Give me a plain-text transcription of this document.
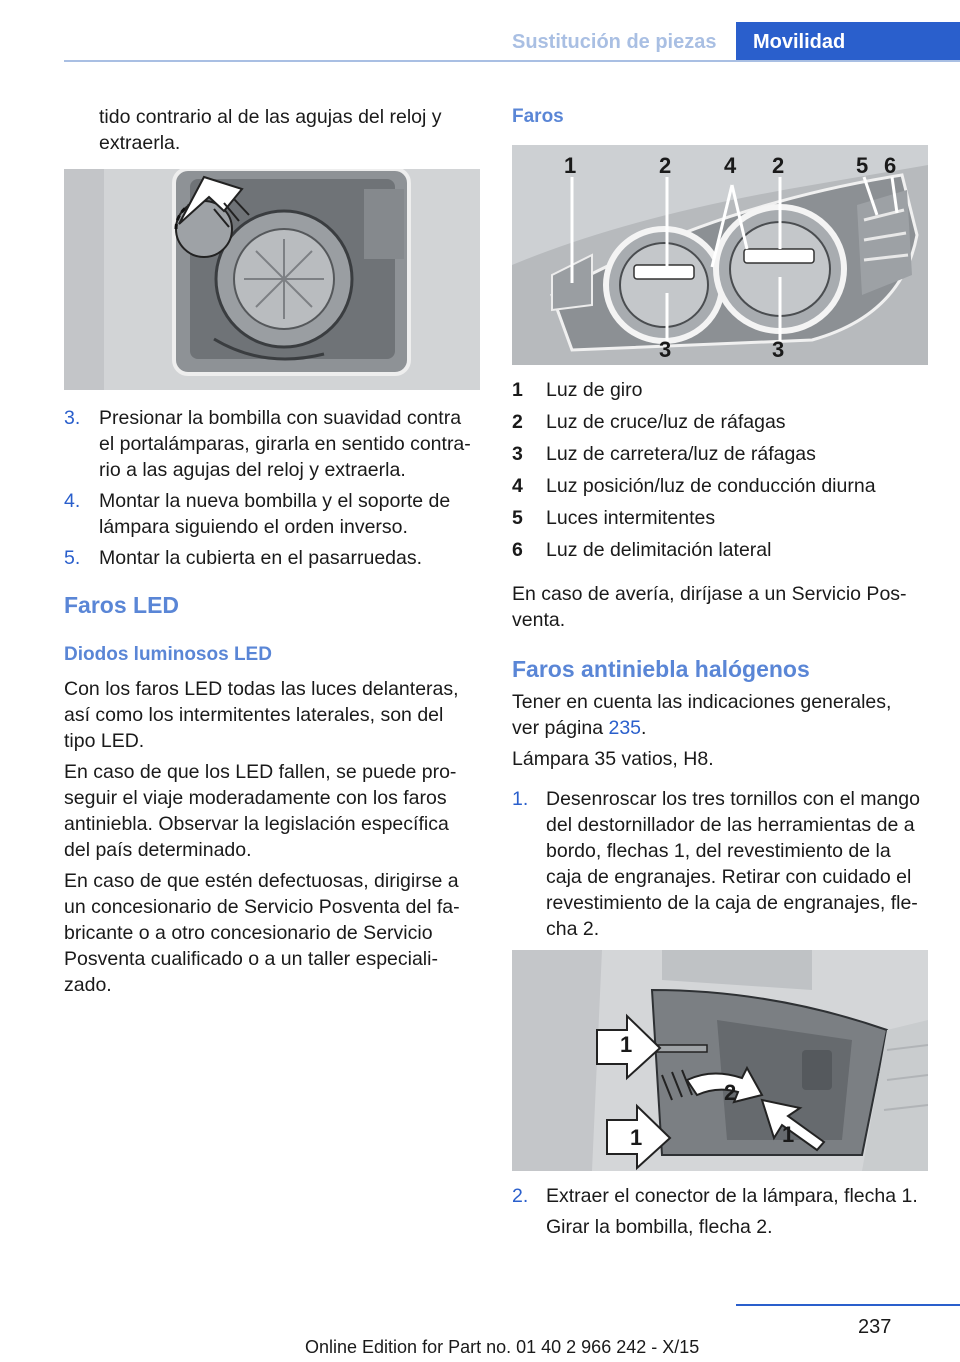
Sustitución de piezas Movilidad
tido contrario al de las agujas del reloj y
extraerla.
3. Presionar la bombilla con suavidad contra
el portalámparas, girarla en sentido contra‐
rio a las agujas del reloj y extraerla.
4. Montar la nueva bombilla y el soporte de
lámpara siguiendo el orden inverso.
5. Montar la cubierta en el pasarruedas.
Faros LED
Diodos luminosos LED
Con los faros LED todas las luces delanteras,
así como los intermitentes laterales, son del
tipo LED.
En caso de que los LED fallen, se puede pro‐
seguir el viaje moderadamente con los faros
antiniebla. Observar la legislación específica
del país determinado.
En caso de que estén defectuosas, dirigirse a
un concesionario de Servicio Posventa del fa‐
bricante o a otro concesionario de Servicio
Posventa cualificado o a un taller especiali‐
zado.
Faros
1	2 4 2	5 6
3	3
1 Luz de giro
2 Luz de cruce/luz de ráfagas
3 Luz de carretera/luz de ráfagas
4 Luz posición/luz de conducción diurna
5 Luces intermitentes
6 Luz de delimitación lateral
En caso de avería, diríjase a un Servicio Pos‐
venta.
Faros antiniebla halógenos
Tener en cuenta las indicaciones generales,
ver página 235.
Lámpara 35 vatios, H8.
1. Desenroscar los tres tornillos con el mango
del destornillador de las herramientas de a
bordo, flechas 1, del revestimiento de la
caja de engranajes. Retirar con cuidado el
revestimiento de la caja de engranajes, fle‐
cha 2.
1
2
1	1
2. Extraer el conector de la lámpara, flecha 1.
Girar la bombilla, flecha 2.
237
Online Edition for Part no. 01 40 2 966 242 - X/15
